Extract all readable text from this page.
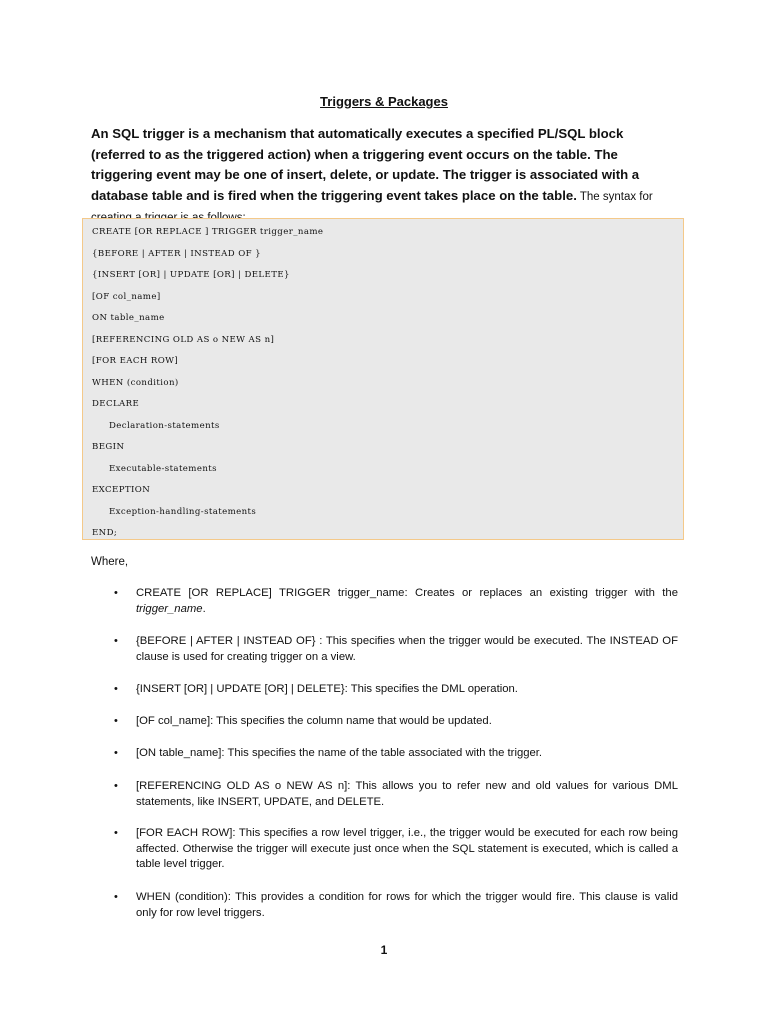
Triggers & Packages
An SQL trigger is a mechanism that automatically executes a specified PL/SQL block (referred to as the triggered action) when a triggering event occurs on the table. The triggering event may be one of insert, delete, or update. The trigger is associated with a database table and is fired when the triggering event takes place on the table. The syntax for
CREATE [OR REPLACE ] TRIGGER trigger_name
{BEFORE | AFTER | INSTEAD OF }
{INSERT [OR] | UPDATE [OR] | DELETE}
[OF col_name]
ON table_name
[REFERENCING OLD AS o NEW AS n]
[FOR EACH ROW]
WHEN (condition)
DECLARE
Declaration-statements
BEGIN
Executable-statements
EXCEPTION
Exception-handling-statements
END;
Where,
• CREATE [OR REPLACE] TRIGGER trigger_name: Creates or replaces an existing trigger with the trigger_name.
• {BEFORE | AFTER | INSTEAD OF} : This specifies when the trigger would be executed. The INSTEAD OF clause is used for creating trigger on a view.
• {INSERT [OR] | UPDATE [OR] | DELETE}: This specifies the DML operation.
• [OF col_name]: This specifies the column name that would be updated.
• [ON table_name]: This specifies the name of the table associated with the trigger.
• [REFERENCING OLD AS o NEW AS n]: This allows you to refer new and old values for various DML statements, like INSERT, UPDATE, and DELETE.
• [FOR EACH ROW]: This specifies a row level trigger, i.e., the trigger would be executed for each row being affected. Otherwise the trigger will execute just once when the SQL statement is executed, which is called a table level trigger.
• WHEN (condition): This provides a condition for rows for which the trigger would fire. This clause is valid only for row level triggers.
1
